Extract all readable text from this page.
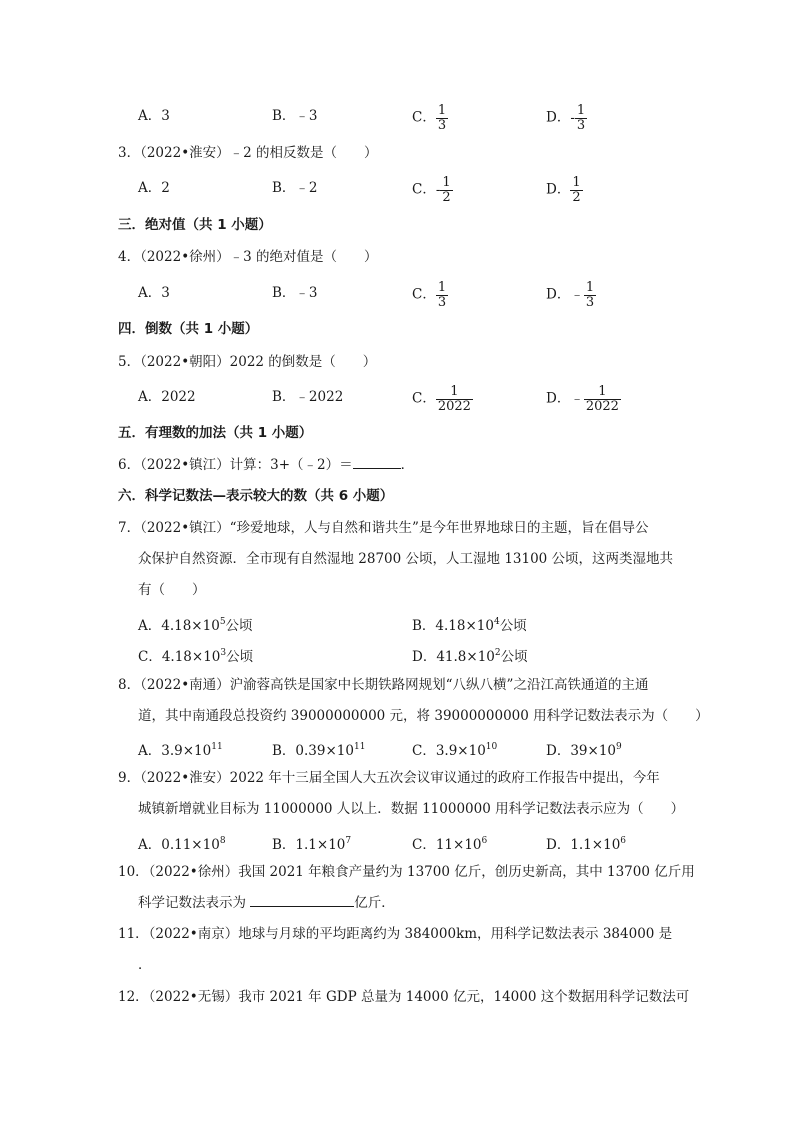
A．3	B．﹣3	C． $\frac{1}{3}$	D．- $\frac{1}{3}$
3．（2022•淮安）﹣2 的相反数是（　　）
A．2	B．﹣2	C．- $\frac{1}{2}$	D． $\frac{1}{2}$
三．绝对值（共 1 小题）
4．（2022•徐州）﹣3 的绝对值是（　　）
A．3	B．﹣3	C． $\frac{1}{3}$	D．﹣ $\frac{1}{3}$
四．倒数（共 1 小题）
5．（2022•朝阳）2022 的倒数是（　　）
A．2022	B．﹣2022	C． $\frac{1}{2022}$	D．﹣ $\frac{1}{2022}$
五．有理数的加法（共 1 小题）
6．（2022•镇江）计算：3+（﹣2）＝	．
六．科学记数法—表示较大的数（共 6 小题）
7．（2022•镇江）“珍爱地球，人与自然和谐共生”是今年世界地球日的主题，旨在倡导公
众保护自然资源．全市现有自然湿地 28700 公顷，人工湿地 13100 公顷，这两类湿地共
有（　　）
A．$4.18\times 10^5$公顷	B．$4.18\times 10^4$公顷
C．$4.18\times 10^3$公顷	D．$41.8\times 10^2$公顷
8．（2022•南通）沪渝蓉高铁是国家中长期铁路网规划“八纵八横”之沿江高铁通道的主通
道，其中南通段总投资约 39000000000 元，将 39000000000 用科学记数法表示为（　　）
A．$3.9\times 10^{11}$	B．$0.39\times 10^{11}$	C．$3.9\times 10^{10}$	D．$39\times 10^9$
9．（2022•淮安）2022 年十三届全国人大五次会议审议通过的政府工作报告中提出，今年
城镇新增就业目标为 11000000 人以上．数据 11000000 用科学记数法表示应为（　　）
A．$0.11\times 10^8$	B．$1.1\times 10^7$	C．$11\times 10^6$	D．$1.1\times 10^6$
10．（2022•徐州）我国 2021 年粮食产量约为 13700 亿斤，创历史新高，其中 13700 亿斤用
科学记数法表示为	亿斤．
11．（2022•南京）地球与月球的平均距离约为 384000km，用科学记数法表示 384000 是
．
12．（2022•无锡）我市 2021 年 GDP 总量为 14000 亿元，14000 这个数据用科学记数法可
